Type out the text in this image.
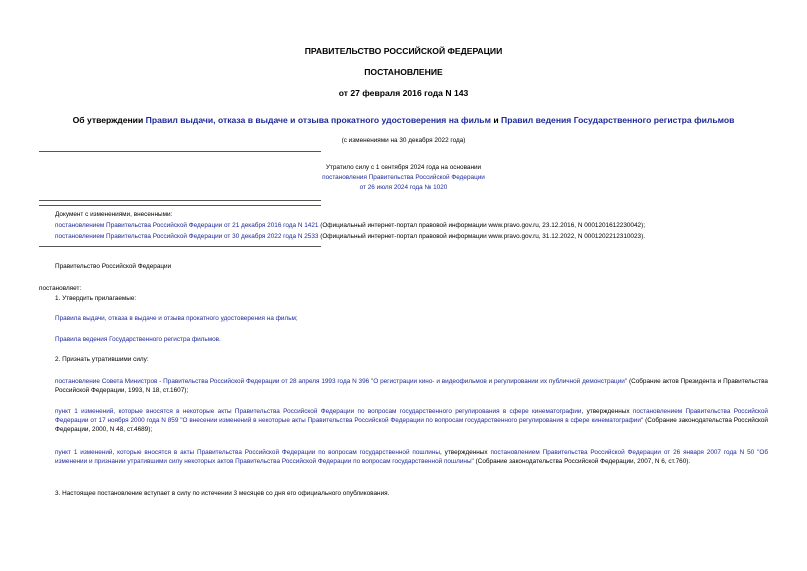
ПРАВИТЕЛЬСТВО РОССИЙСКОЙ ФЕДЕРАЦИИ
ПОСТАНОВЛЕНИЕ
от 27 февраля 2016 года N 143
Об утверждении Правил выдачи, отказа в выдаче и отзыва прокатного удостоверения на фильм и Правил ведения Государственного регистра фильмов
(с изменениями на 30 декабря 2022 года)
Утратило силу с 1 сентября 2024 года на основании
постановления Правительства Российской Федерации
от 26 июля 2024 года № 1020
Документ с изменениями, внесенными:
постановлением Правительства Российской Федерации от 21 декабря 2016 года N 1421 (Официальный интернет-портал правовой информации www.pravo.gov.ru, 23.12.2016, N 0001201612230042);
постановлением Правительства Российской Федерации от 30 декабря 2022 года N 2533 (Официальный интернет-портал правовой информации www.pravo.gov.ru, 31.12.2022, N 0001202212310023).
Правительство Российской Федерации
постановляет:
1. Утвердить прилагаемые:
Правила выдачи, отказа в выдаче и отзыва прокатного удостоверения на фильм;
Правила ведения Государственного регистра фильмов.
2. Признать утратившими силу:
постановление Совета Министров - Правительства Российской Федерации от 28 апреля 1993 года N 396 "О регистрации кино- и видеофильмов и регулировании их публичной демонстрации" (Собрание актов Президента и Правительства Российской Федерации, 1993, N 18, ст.1607);
пункт 1 изменений, которые вносятся в некоторые акты Правительства Российской Федерации по вопросам государственного регулирования в сфере кинематографии, утвержденных постановлением Правительства Российской Федерации от 17 ноября 2000 года N 859 "О внесении изменений в некоторые акты Правительства Российской Федерации по вопросам государственного регулирования в сфере кинематографии" (Собрание законодательства Российской Федерации, 2000, N 48, ст.4689);
пункт 1 изменений, которые вносятся в акты Правительства Российской Федерации по вопросам государственной пошлины, утвержденных постановлением Правительства Российской Федерации от 26 января 2007 года N 50 "Об изменении и признании утратившими силу некоторых актов Правительства Российской Федерации по вопросам государственной пошлины" (Собрание законодательства Российской Федерации, 2007, N 6, ст.760).
3. Настоящее постановление вступает в силу по истечении 3 месяцев со дня его официального опубликования.
